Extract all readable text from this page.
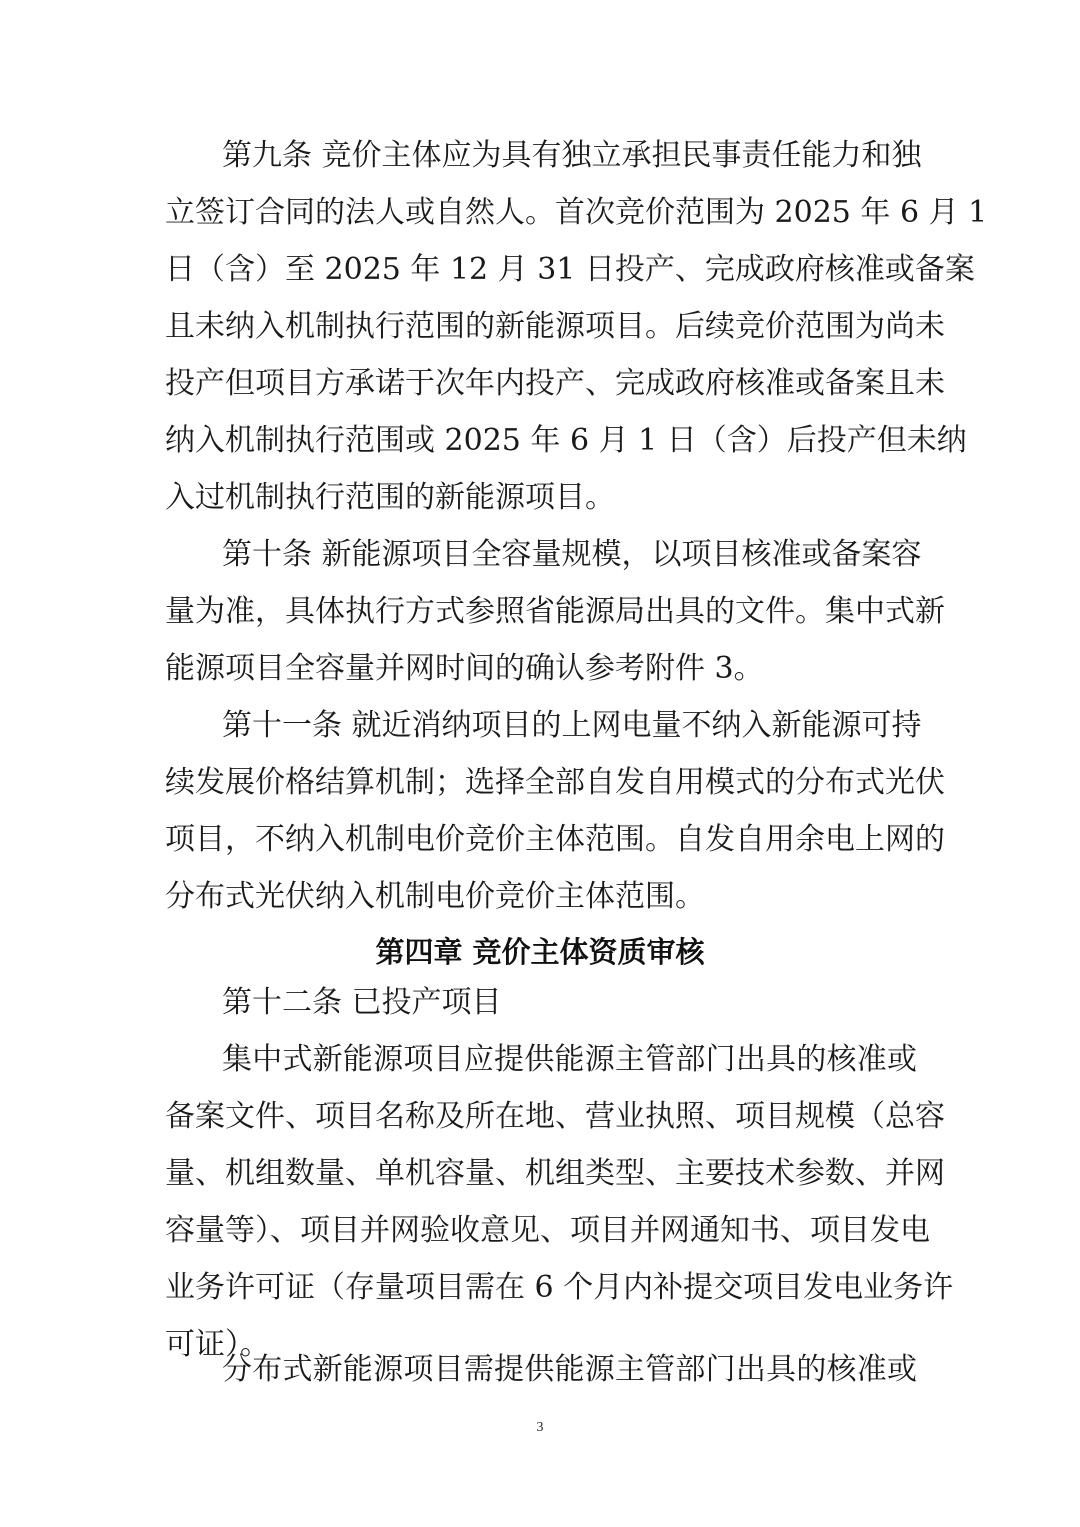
第九条 竞价主体应为具有独立承担民事责任能力和独
立签订合同的法人或自然人。首次竞价范围为 2025 年 6 月 1
日（含）至 2025 年 12 月 31 日投产、完成政府核准或备案
且未纳入机制执行范围的新能源项目。后续竞价范围为尚未
投产但项目方承诺于次年内投产、完成政府核准或备案且未
纳入机制执行范围或 2025 年 6 月 1 日（含）后投产但未纳
入过机制执行范围的新能源项目。
第十条 新能源项目全容量规模，以项目核准或备案容
量为准，具体执行方式参照省能源局出具的文件。集中式新
能源项目全容量并网时间的确认参考附件 3。
第十一条 就近消纳项目的上网电量不纳入新能源可持
续发展价格结算机制；选择全部自发自用模式的分布式光伏
项目，不纳入机制电价竞价主体范围。自发自用余电上网的
分布式光伏纳入机制电价竞价主体范围。
第四章 竞价主体资质审核
第十二条 已投产项目
集中式新能源项目应提供能源主管部门出具的核准或
备案文件、项目名称及所在地、营业执照、项目规模（总容
量、机组数量、单机容量、机组类型、主要技术参数、并网
容量等）、项目并网验收意见、项目并网通知书、项目发电
业务许可证（存量项目需在 6 个月内补提交项目发电业务许
可证）。
分布式新能源项目需提供能源主管部门出具的核准或
3
